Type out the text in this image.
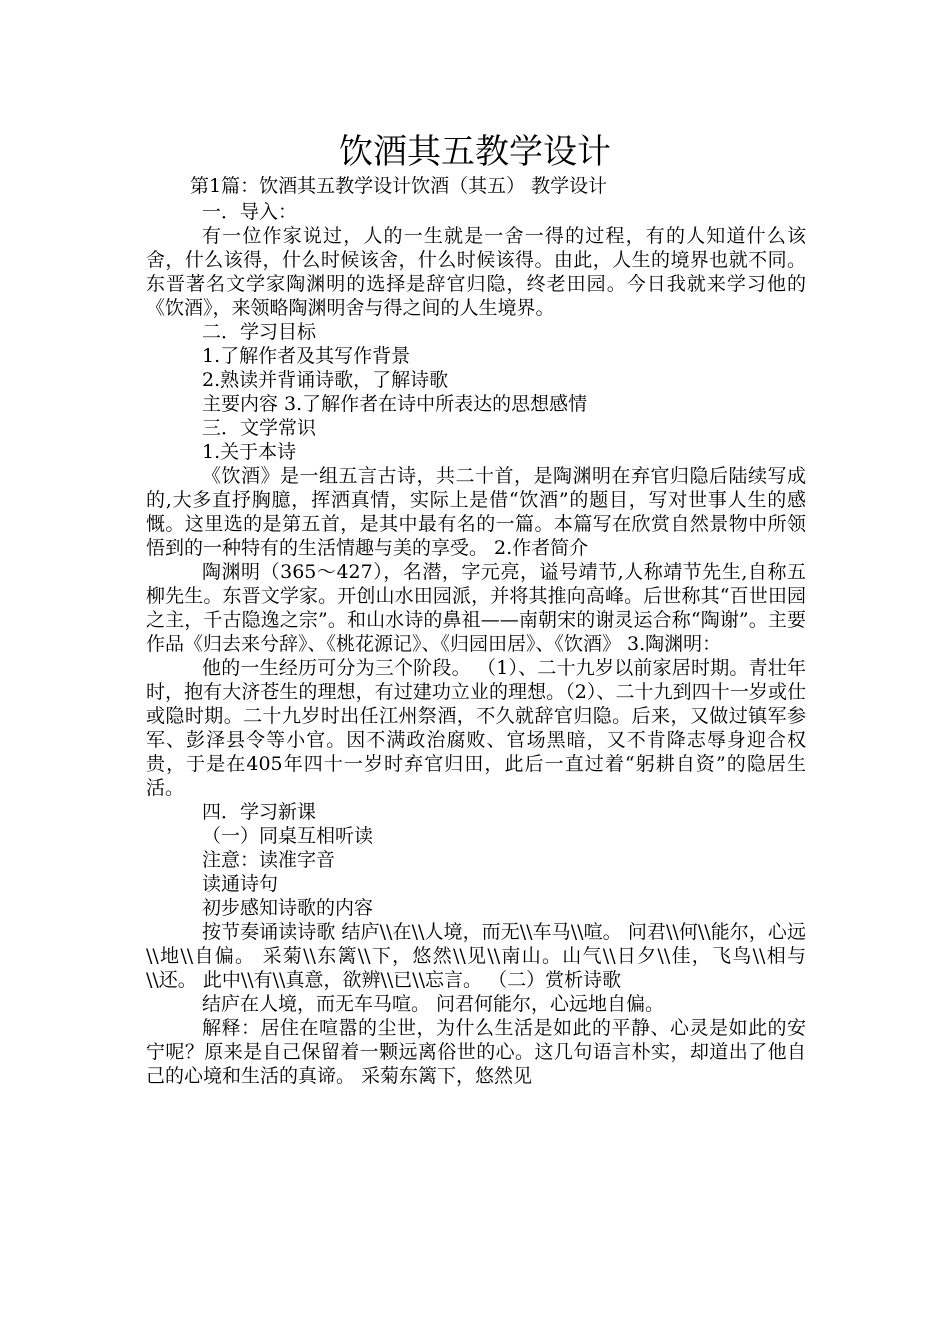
饮酒其五教学设计
第1篇：饮酒其五教学设计饮酒（其五） 教学设计

一．导入：

有一位作家说过，人的一生就是一舍一得的过程，有的人知道什么该舍，什么该得，什么时候该舍，什么时候该得。由此，人生的境界也就不同。东晋著名文学家陶渊明的选择是辞官归隐，终老田园。今日我就来学习他的《饮酒》，来领略陶渊明舍与得之间的人生境界。

二．学习目标

1.了解作者及其写作背景

2.熟读并背诵诗歌，了解诗歌

主要内容 3.了解作者在诗中所表达的思想感情

三．文学常识

1.关于本诗

《饮酒》是一组五言古诗，共二十首，是陶渊明在弃官归隐后陆续写成的,大多直抒胸臆，挥洒真情，实际上是借“饮酒”的题目，写对世事人生的感慨。这里选的是第五首，是其中最有名的一篇。本篇写在欣赏自然景物中所领悟到的一种特有的生活情趣与美的享受。 2.作者简介

陶渊明（365～427），名潜，字元亮，谥号靖节,人称靖节先生,自称五柳先生。东晋文学家。开创山水田园派，并将其推向高峰。后世称其“百世田园之主，千古隐逸之宗”。和山水诗的鼻祖——南朝宋的谢灵运合称“陶谢”。主要作品《归去来兮辞》、《桃花源记》、《归园田居》、《饮酒》 3.陶渊明：

他的一生经历可分为三个阶段。 （1）、二十九岁以前家居时期。青壮年时，抱有大济苍生的理想，有过建功立业的理想。（2）、二十九到四十一岁或仕或隐时期。二十九岁时出任江州祭酒，不久就辞官归隐。后来，又做过镇军参军、彭泽县令等小官。因不满政治腐败、官场黑暗，又不肯降志辱身迎合权贵，于是在405年四十一岁时弃官归田，此后一直过着“躬耕自资”的隐居生活。

四．学习新课

（一）同桌互相听读

注意：读准字音

读通诗句

初步感知诗歌的内容

按节奏诵读诗歌 结庐\\在\\人境，而无\\车马\\喧。 问君\\何\\能尔，心远\\地\\自偏。 采菊\\东篱\\下，悠然\\见\\南山。山气\\日夕\\佳，飞鸟\\相与\\还。 此中\\有\\真意，欲辨\\已\\忘言。 （二）赏析诗歌

结庐在人境，而无车马喧。 问君何能尔，心远地自偏。

解释：居住在喧嚣的尘世，为什么生活是如此的平静、心灵是如此的安宁呢？原来是自己保留着一颗远离俗世的心。这几句语言朴实，却道出了他自己的心境和生活的真谛。 采菊东篱下，悠然见
